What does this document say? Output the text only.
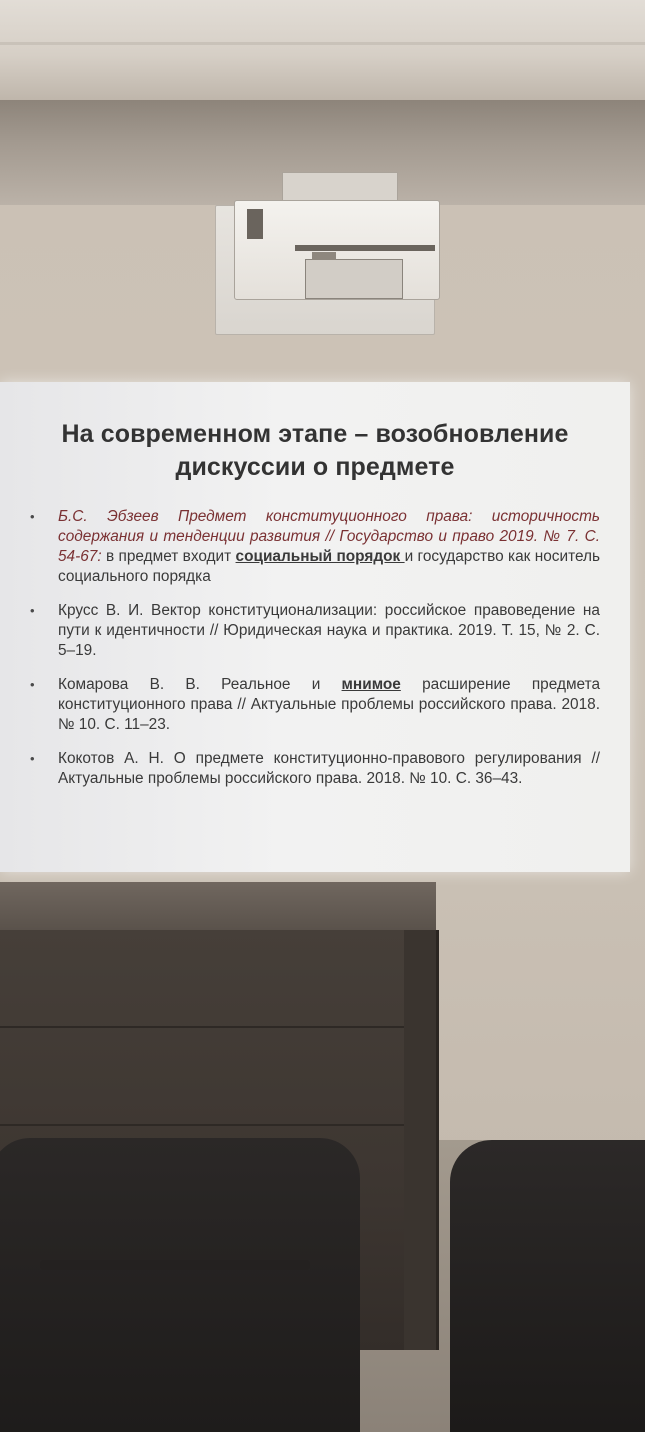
На современном этапе – возобновление
дискуссии о предмете
•	Б.С. Эбзеев Предмет конституционного права: историчность содержания и тенденции развития // Государство и право 2019. № 7. С. 54-67: в предмет входит социальный порядок и государство как носитель социального порядка
•	Крусс В. И. Вектор конституционализации: российское правоведение на пути к идентичности // Юридическая наука и практика. 2019. Т. 15, № 2. С. 5–19.
•	Комарова В. В. Реальное и мнимое расширение предмета конституционного права // Актуальные проблемы российского права. 2018. № 10. С. 11–23.
•	Кокотов А. Н. О предмете конституционно-правового регулирования // Актуальные проблемы российского права. 2018. № 10. С. 36–43.
